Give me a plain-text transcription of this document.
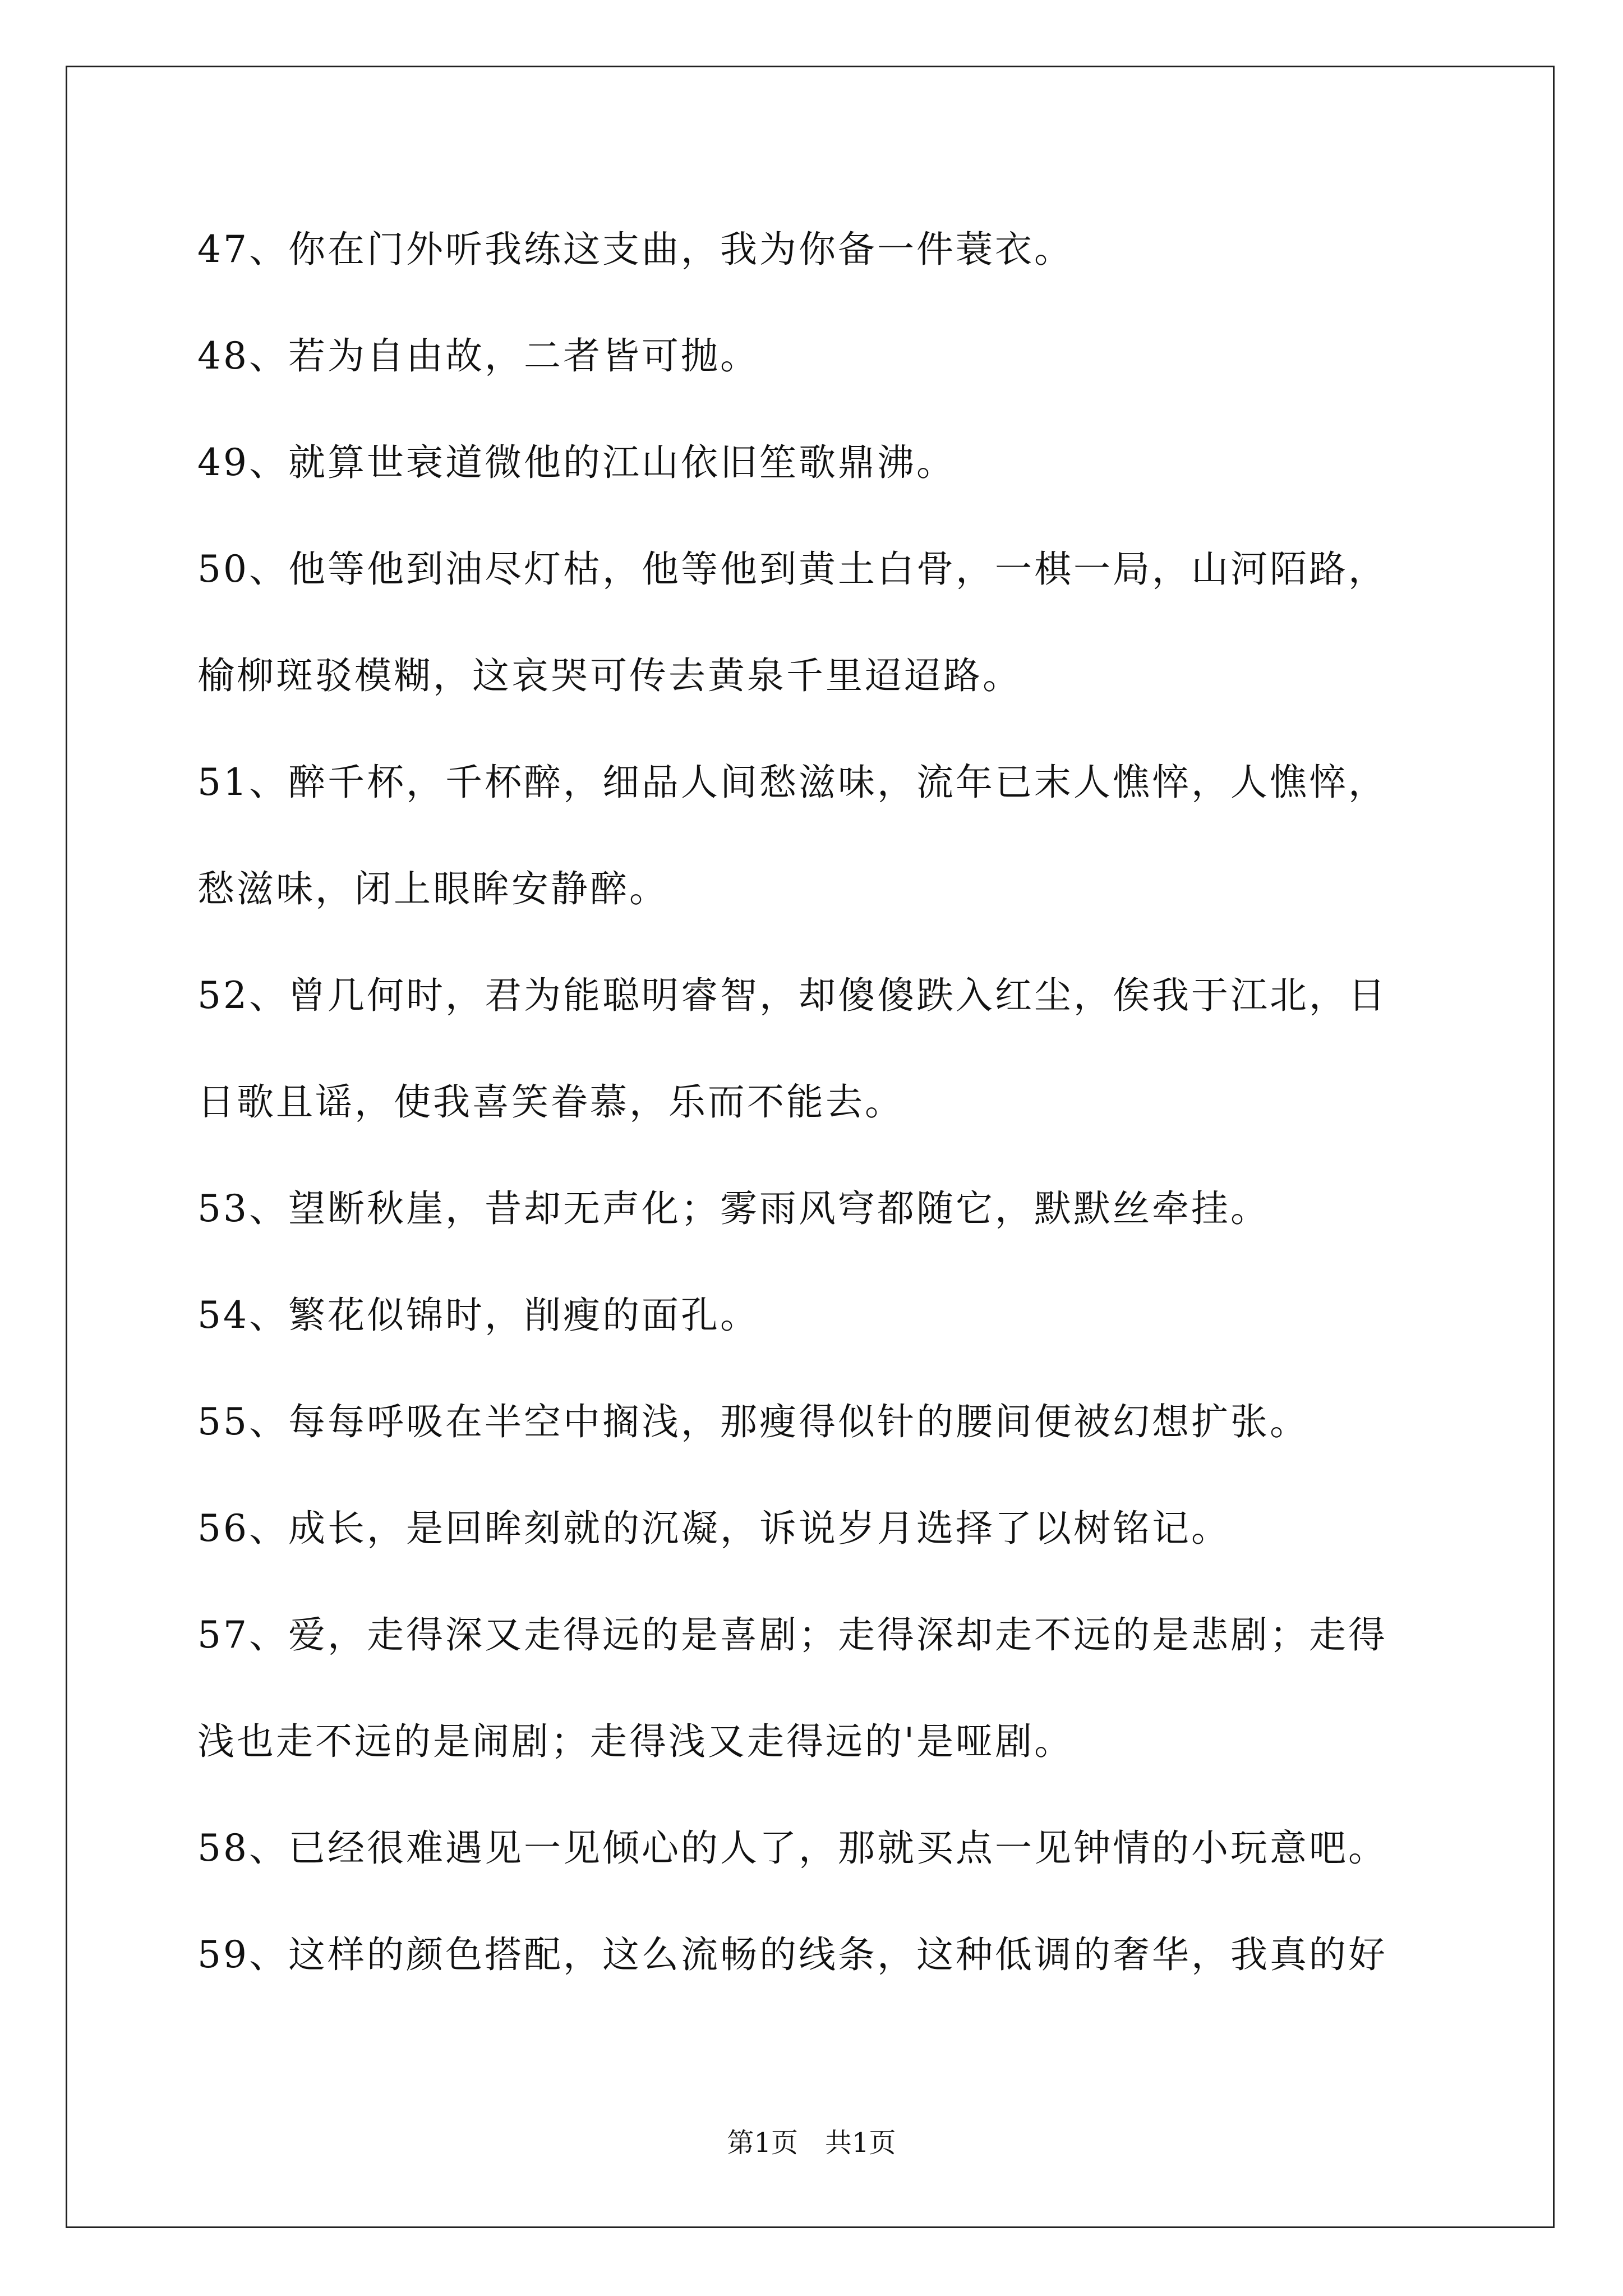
47、你在门外听我练这支曲，我为你备一件蓑衣。
48、若为自由故，二者皆可抛。
49、就算世衰道微他的江山依旧笙歌鼎沸。
50、他等他到油尽灯枯，他等他到黄土白骨，一棋一局，山河陌路，
榆柳斑驳模糊，这哀哭可传去黄泉千里迢迢路。
51、醉千杯，千杯醉，细品人间愁滋味，流年已末人憔悴，人憔悴，
愁滋味，闭上眼眸安静醉。
52、曾几何时，君为能聪明睿智，却傻傻跌入红尘，俟我于江北，日
日歌且谣，使我喜笑眷慕，乐而不能去。
53、望断秋崖，昔却无声化；雾雨风穹都随它，默默丝牵挂。
54、繁花似锦时，削瘦的面孔。
55、每每呼吸在半空中搁浅，那瘦得似针的腰间便被幻想扩张。
56、成长，是回眸刻就的沉凝，诉说岁月选择了以树铭记。
57、爱，走得深又走得远的是喜剧；走得深却走不远的是悲剧；走得
浅也走不远的是闹剧；走得浅又走得远的'是哑剧。
58、已经很难遇见一见倾心的人了，那就买点一见钟情的小玩意吧。
59、这样的颜色搭配，这么流畅的线条，这种低调的奢华，我真的好
第1页　共1页
